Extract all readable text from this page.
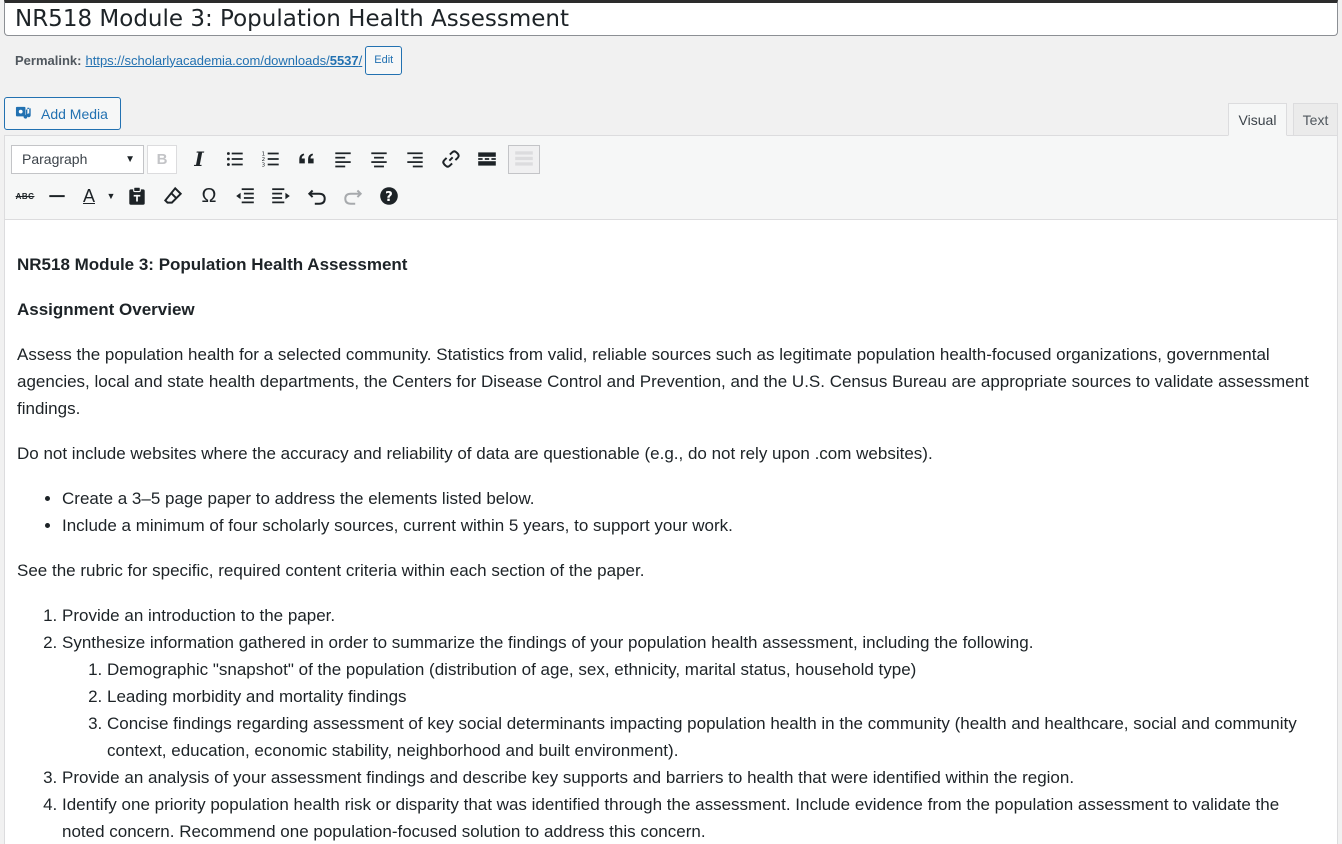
NR518 Module 3: Population Health Assessment
Permalink: https://scholarlyacademia.com/downloads/5537/	Edit
Add Media	Visual	Text
Paragraph	▼	B	I	1
2
3
ABC	A	▼	Ω	?
NR518 Module 3: Population Health Assessment
Assignment Overview

Assess the population health for a selected community. Statistics from valid, reliable sources such as legitimate population health-focused organizations, governmental agencies, local and state health departments, the Centers for Disease Control and Prevention, and the U.S. Census Bureau are appropriate sources to validate assessment findings.

Do not include websites where the accuracy and reliability of data are questionable (e.g., do not rely upon .com websites).

• Create a 3–5 page paper to address the elements listed below.
• Include a minimum of four scholarly sources, current within 5 years, to support your work.

See the rubric for specific, required content criteria within each section of the paper.

1. Provide an introduction to the paper.
2. Synthesize information gathered in order to summarize the findings of your population health assessment, including the following.
1. Demographic "snapshot" of the population (distribution of age, sex, ethnicity, marital status, household type)
2. Leading morbidity and mortality findings
3. Concise findings regarding assessment of key social determinants impacting population health in the community (health and healthcare, social and community context, education, economic stability, neighborhood and built environment).
3. Provide an analysis of your assessment findings and describe key supports and barriers to health that were identified within the region.
4. Identify one priority population health risk or disparity that was identified through the assessment. Include evidence from the population assessment to validate the noted concern. Recommend one population-focused solution to address this concern.
